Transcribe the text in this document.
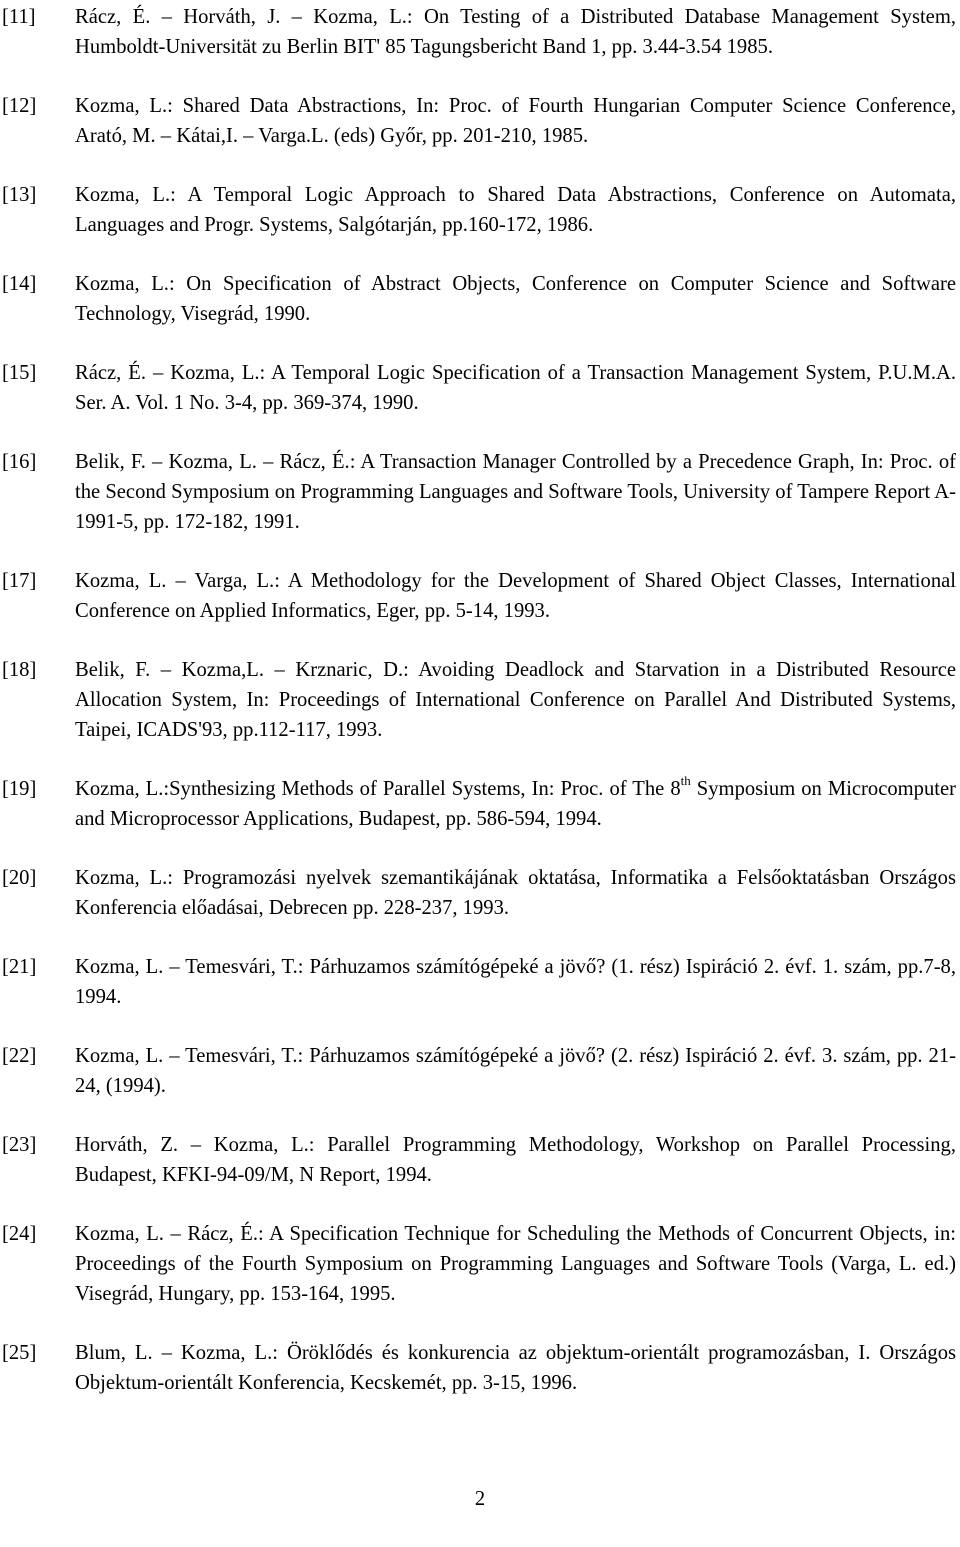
[11] Rácz, É. – Horváth, J. – Kozma, L.: On Testing of a Distributed Database Management System, Humboldt-Universität zu Berlin BIT' 85 Tagungsbericht Band 1, pp. 3.44-3.54 1985.
[12] Kozma, L.: Shared Data Abstractions, In: Proc. of Fourth Hungarian Computer Science Conference, Arató, M. – Kátai,I. – Varga.L. (eds) Győr, pp. 201-210, 1985.
[13] Kozma, L.: A Temporal Logic Approach to Shared Data Abstractions, Conference on Automata, Languages and Progr. Systems, Salgótarján, pp.160-172, 1986.
[14] Kozma, L.: On Specification of Abstract Objects, Conference on Computer Science and Software Technology, Visegrád, 1990.
[15] Rácz, É. – Kozma, L.: A Temporal Logic Specification of a Transaction Management System, P.U.M.A. Ser. A. Vol. 1 No. 3-4, pp. 369-374, 1990.
[16] Belik, F. – Kozma, L. – Rácz, É.: A Transaction Manager Controlled by a Precedence Graph, In: Proc. of the Second Symposium on Programming Languages and Software Tools, University of Tampere Report A-1991-5, pp. 172-182, 1991.
[17] Kozma, L. – Varga, L.: A Methodology for the Development of Shared Object Classes, International Conference on Applied Informatics, Eger, pp. 5-14, 1993.
[18] Belik, F. – Kozma,L. – Krznaric, D.: Avoiding Deadlock and Starvation in a Distributed Resource Allocation System, In: Proceedings of International Conference on Parallel And Distributed Systems, Taipei, ICADS'93, pp.112-117, 1993.
[19] Kozma, L.:Synthesizing Methods of Parallel Systems, In: Proc. of The 8th Symposium on Microcomputer and Microprocessor Applications, Budapest, pp. 586-594, 1994.
[20] Kozma, L.: Programozási nyelvek szemantikájának oktatása, Informatika a Felsőoktatásban Országos Konferencia előadásai, Debrecen pp. 228-237, 1993.
[21] Kozma, L. – Temesvári, T.: Párhuzamos számítógépeké a jövő? (1. rész) Ispiráció 2. évf. 1. szám, pp.7-8, 1994.
[22] Kozma, L. – Temesvári, T.: Párhuzamos számítógépeké a jövő? (2. rész) Ispiráció 2. évf. 3. szám, pp. 21- 24, (1994).
[23] Horváth, Z. – Kozma, L.: Parallel Programming Methodology, Workshop on Parallel Processing, Budapest, KFKI-94-09/M, N Report, 1994.
[24] Kozma, L. – Rácz, É.: A Specification Technique for Scheduling the Methods of Concurrent Objects, in: Proceedings of the Fourth Symposium on Programming Languages and Software Tools (Varga, L. ed.) Visegrád, Hungary, pp. 153-164, 1995.
[25] Blum, L. – Kozma, L.: Öröklődés és konkurencia az objektum-orientált programozásban, I. Országos Objektum-orientált Konferencia, Kecskemét, pp. 3-15, 1996.
2
